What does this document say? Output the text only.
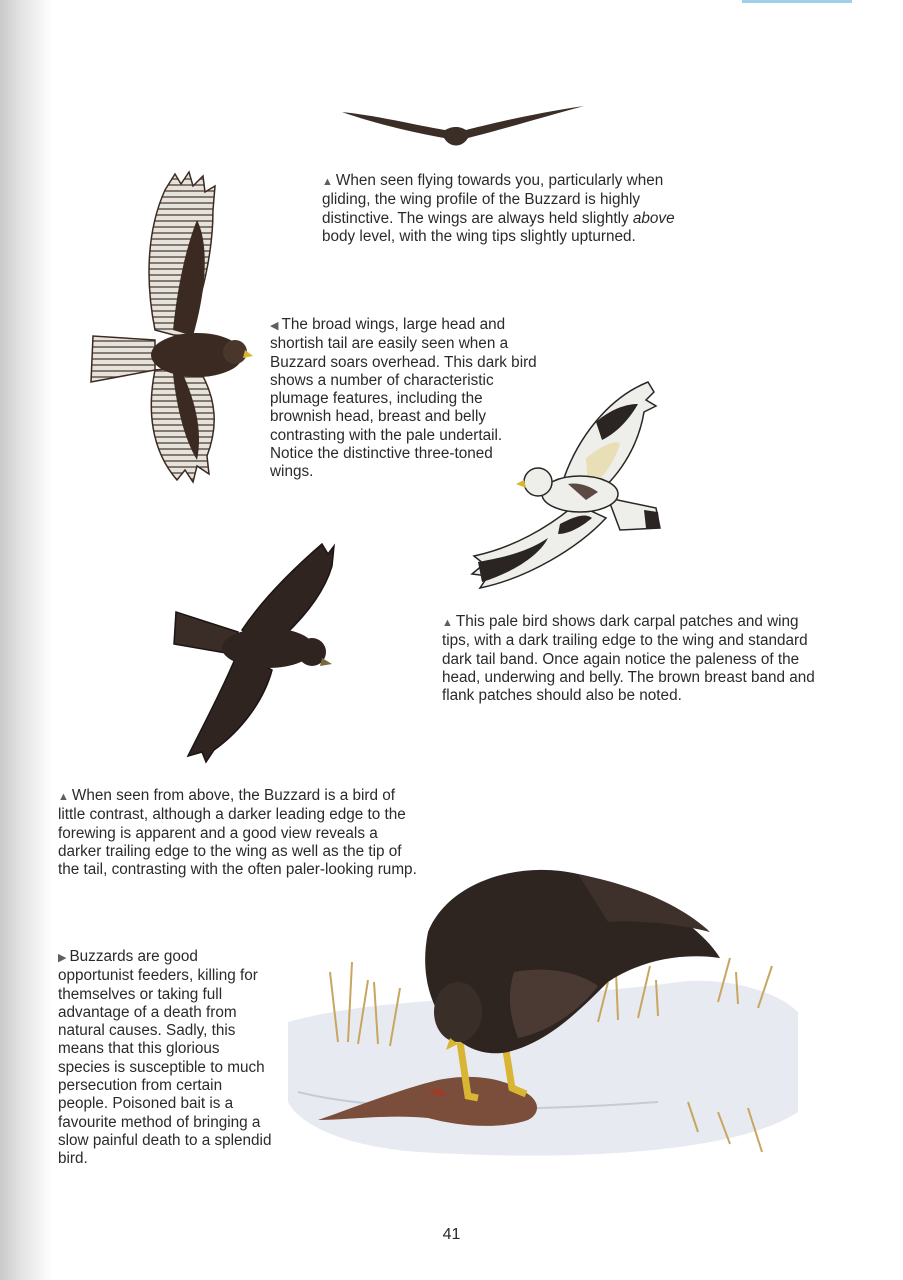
▲ When seen flying towards you, particularly when gliding, the wing profile of the Buzzard is highly distinctive. The wings are always held slightly above body level, with the wing tips slightly upturned.

◀ The broad wings, large head and shortish tail are easily seen when a Buzzard soars overhead. This dark bird shows a number of characteristic plumage features, including the brownish head, breast and belly contrasting with the pale undertail. Notice the distinctive three-toned wings.

▲ This pale bird shows dark carpal patches and wing tips, with a dark trailing edge to the wing and standard dark tail band. Once again notice the paleness of the head, underwing and belly. The brown breast band and flank patches should also be noted.

▲ When seen from above, the Buzzard is a bird of little contrast, although a darker leading edge to the forewing is apparent and a good view reveals a darker trailing edge to the wing as well as the tip of the tail, contrasting with the often paler-looking rump.

▶ Buzzards are good opportunist feeders, killing for themselves or taking full advantage of a death from natural causes. Sadly, this means that this glorious species is susceptible to much persecution from certain people. Poisoned bait is a favourite method of bringing a slow painful death to a splendid bird.

41
